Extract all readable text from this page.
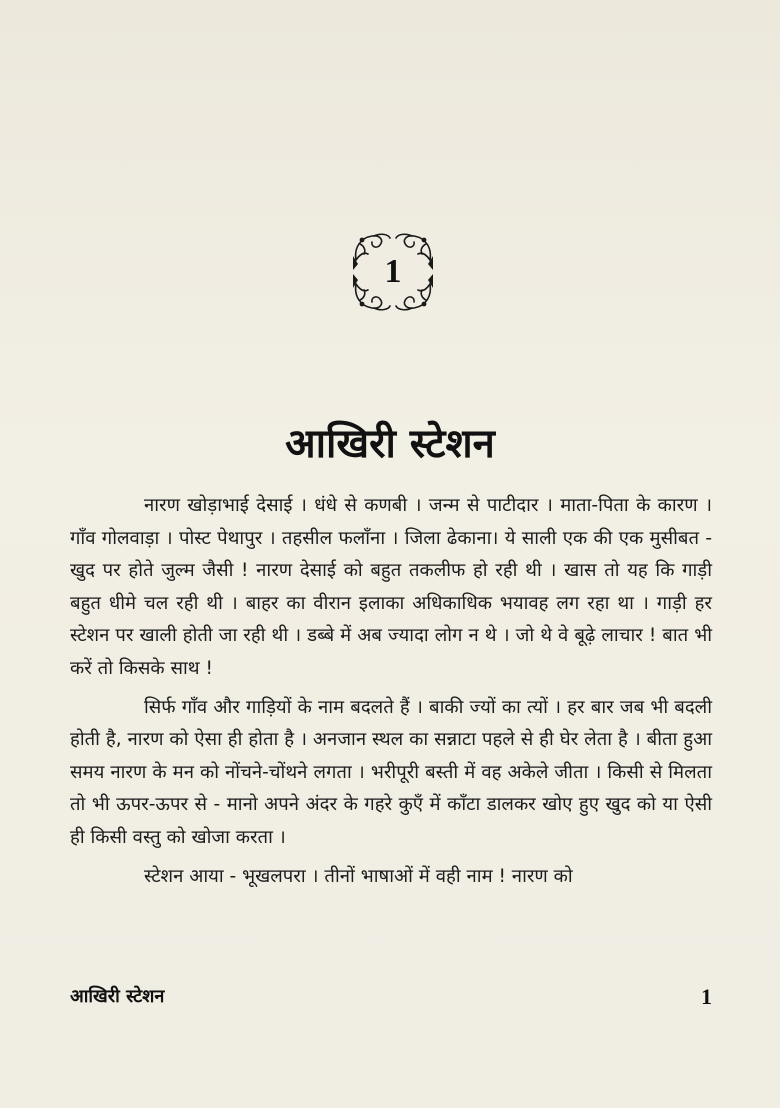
1
आखिरी स्टेशन

नारण खोड़ाभाई देसाई । धंधे से कणबी । जन्म से पाटीदार । माता-पिता के कारण । गाँव गोलवाड़ा । पोस्ट पेथापुर । तहसील फलाँना । जिला ढेकाना। ये साली एक की एक मुसीबत - खुद पर होते जुल्म जैसी ! नारण देसाई को बहुत तकलीफ हो रही थी । खास तो यह कि गाड़ी बहुत धीमे चल रही थी । बाहर का वीरान इलाका अधिकाधिक भयावह लग रहा था । गाड़ी हर स्टेशन पर खाली होती जा रही थी । डब्बे में अब ज्यादा लोग न थे । जो थे वे बूढ़े लाचार ! बात भी करें तो किसके साथ !

सिर्फ गाँव और गाड़ियों के नाम बदलते हैं । बाकी ज्यों का त्यों । हर बार जब भी बदली होती है, नारण को ऐसा ही होता है । अनजान स्थल का सन्नाटा पहले से ही घेर लेता है । बीता हुआ समय नारण के मन को नोंचने-चोंथने लगता । भरीपूरी बस्ती में वह अकेले जीता । किसी से मिलता तो भी ऊपर-ऊपर से - मानो अपने अंदर के गहरे कुएँ में काँटा डालकर खोए हुए खुद को या ऐसी ही किसी वस्तु को खोजा करता ।

स्टेशन आया - भूखलपरा । तीनों भाषाओं में वही नाम ! नारण को

आखिरी स्टेशन	1
